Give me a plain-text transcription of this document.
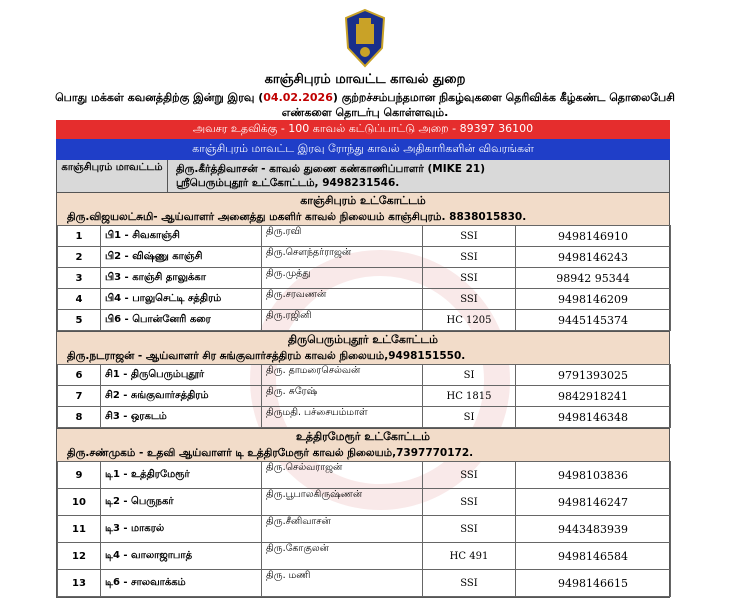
காஞ்சிபுரம் மாவட்ட காவல் துறை
பொது மக்கள் கவனத்திற்கு இன்று இரவு (04.02.2026) குற்றச்சம்பந்தமான நிகழ்வுகளை தெரிவிக்க கீழ்கண்ட தொலைபேசி எண்களை தொடர்பு கொள்ளவும்.
அவசர உதவிக்கு - 100 காவல் கட்டுப்பாட்டு அறை - 89397 36100
காஞ்சிபுரம் மாவட்ட இரவு ரோந்து காவல் அதிகாரிகளின் விவரங்கள்
காஞ்சிபுரம் மாவட்டம்	திரு.கீர்த்திவாசன் - காவல் துணை கண்காணிப்பாளர் (MIKE 21)
ஸ்ரீபெரும்புதூர் உட்கோட்டம், 9498231546.
காஞ்சிபுரம் உட்கோட்டம்
திரு.விஜயலட்சுமி- ஆய்வாளர் அனைத்து மகளிர் காவல் நிலையம் காஞ்சிபுரம். 8838015830.
1	பி1 - சிவகாஞ்சி	திரு.ரவி	SSI	9498146910
2	பி2 - விஷ்ணு காஞ்சி	திரு.சௌந்தர்ராஜன்	SSI	9498146243
3	பி3 - காஞ்சி தாலுக்கா	திரு.முத்து	SSI	98942 95344
4	பி4 - பாலுசெட்டி சத்திரம்	திரு.சரவணன்	SSI	9498146209
5	பி6 - பொன்னேரி கரை	திரு.ரஜினி	HC 1205	9445145374
திருபெரும்புதூர் உட்கோட்டம்
திரு.நடராஜன் - ஆய்வாளர் சிர சுங்குவார்சத்திரம் காவல் நிலையம்,9498151550.
6	சி1 - திருபெரும்புதூர்	திரு. தாமரைசெல்வன்	SI	9791393025
7	சி2 - சுங்குவார்சத்திரம்	திரு. சுரேஷ்	HC 1815	9842918241
8	சி3 - ஒரகடம்	திருமதி. பச்சையம்மாள்	SI	9498146348
உத்திரமேரூர் உட்கோட்டம்
திரு.சண்முகம் - உதவி ஆய்வாளர் டி உத்திரமேரூர் காவல் நிலையம்,7397770172.
9	டி1 - உத்திரமேரூர்	திரு.செல்வராஜன்	SSI	9498103836
10	டி2 - பெருநகர்	திரு.பூபாலகிருஷ்ணன்	SSI	9498146247
11	டி3 - மாகரல்	திரு.சீனிவாசன்	SSI	9443483939
12	டி4 - வாலாஜாபாத்	திரு.கோகுலன்	HC 491	9498146584
13	டி6 - சாலவாக்கம்	திரு. மணி	SSI	9498146615
